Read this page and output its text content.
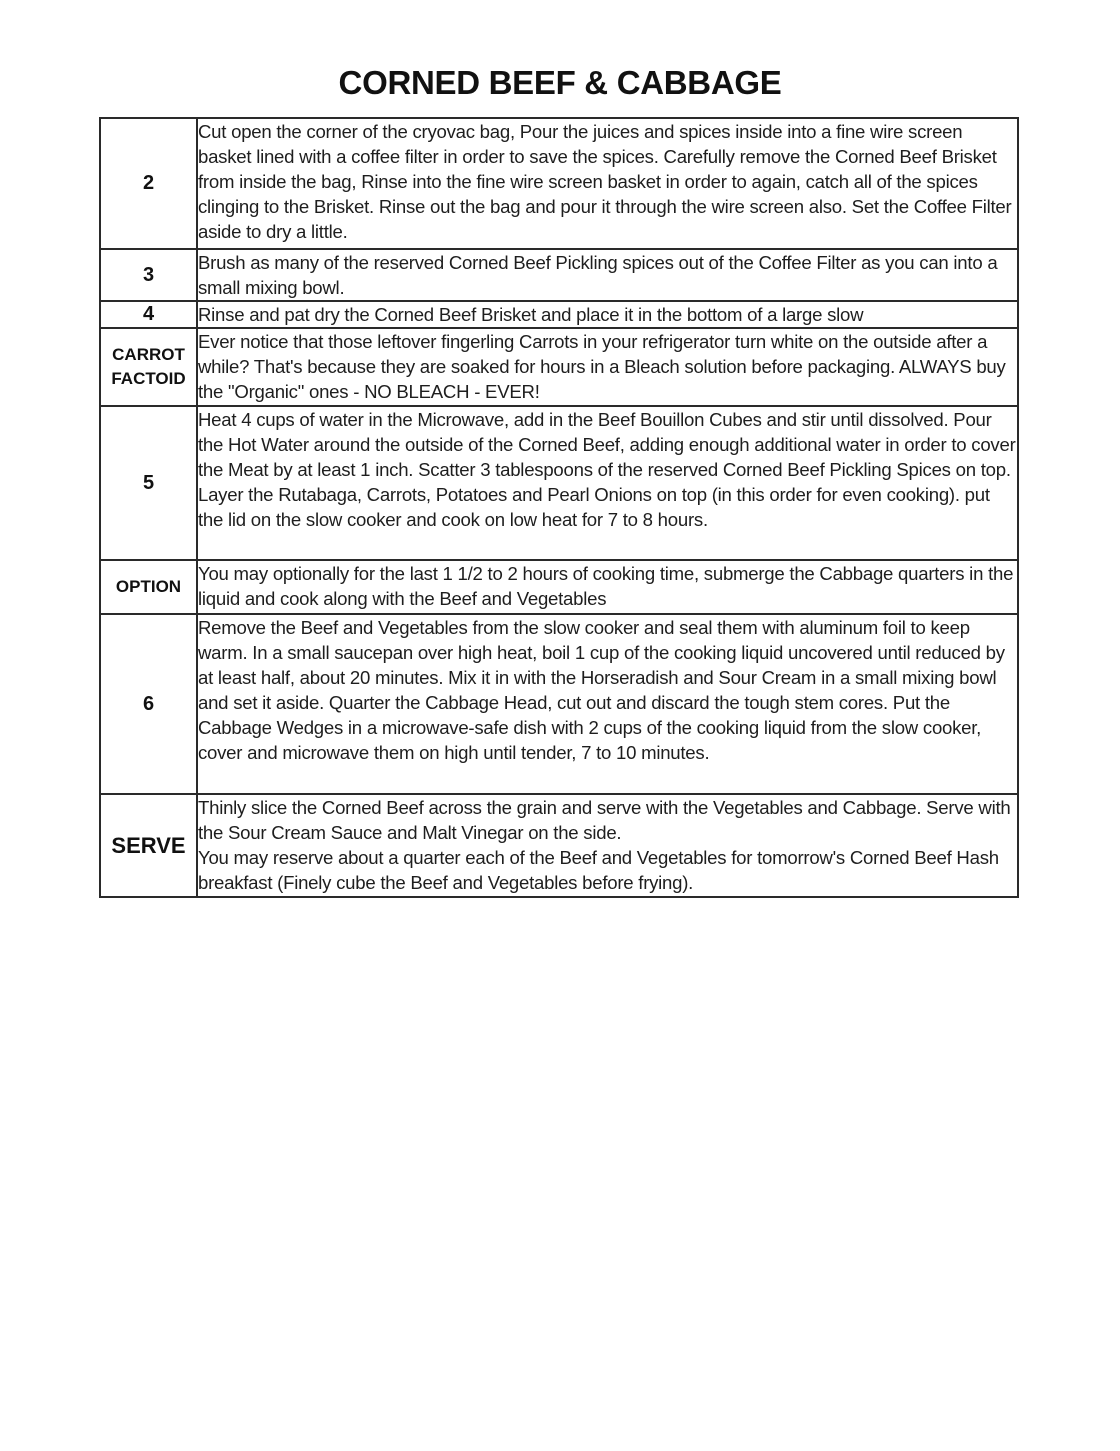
CORNED BEEF & CABBAGE
2	Cut open the corner of the cryovac bag, Pour the juices and spices inside into a fine wire screen basket lined with a coffee filter in order to save the spices. Carefully remove the Corned Beef Brisket from inside the bag, Rinse into the fine wire screen basket in order to again, catch all of the spices clinging to the Brisket. Rinse out the bag and pour it through the wire screen also. Set the Coffee Filter aside to dry a little.
3	Brush as many of the reserved Corned Beef Pickling spices out of the Coffee Filter as you can into a small mixing bowl.
4	Rinse and pat dry the Corned Beef Brisket and place it in the bottom of a large slow

CARROT
FACTOID	Ever notice that those leftover fingerling Carrots in your refrigerator turn white on the outside after a while? That's because they are soaked for hours in a Bleach solution before packaging. ALWAYS buy the "Organic" ones - NO BLEACH - EVER!
5	Heat 4 cups of water in the Microwave, add in the Beef Bouillon Cubes and stir until dissolved. Pour the Hot Water around the outside of the Corned Beef, adding enough additional water in order to cover the Meat by at least 1 inch. Scatter 3 tablespoons of the reserved Corned Beef Pickling Spices on top. Layer the Rutabaga, Carrots, Potatoes and Pearl Onions on top (in this order for even cooking). put the lid on the slow cooker and cook on low heat for 7 to 8 hours.
OPTION	You may optionally for the last 1 1/2 to 2 hours of cooking time, submerge the Cabbage quarters in the liquid and cook along with the Beef and Vegetables
6	Remove the Beef and Vegetables from the slow cooker and seal them with aluminum foil to keep warm. In a small saucepan over high heat, boil 1 cup of the cooking liquid uncovered until reduced by at least half, about 20 minutes. Mix it in with the Horseradish and Sour Cream in a small mixing bowl and set it aside. Quarter the Cabbage Head, cut out and discard the tough stem cores. Put the Cabbage Wedges in a microwave-safe dish with 2 cups of the cooking liquid from the slow cooker, cover and microwave them on high until tender, 7 to 10 minutes.
SERVE	Thinly slice the Corned Beef across the grain and serve with the Vegetables and Cabbage. Serve with the Sour Cream Sauce and Malt Vinegar on the side.
You may reserve about a quarter each of the Beef and Vegetables for tomorrow's Corned Beef Hash breakfast (Finely cube the Beef and Vegetables before frying).
